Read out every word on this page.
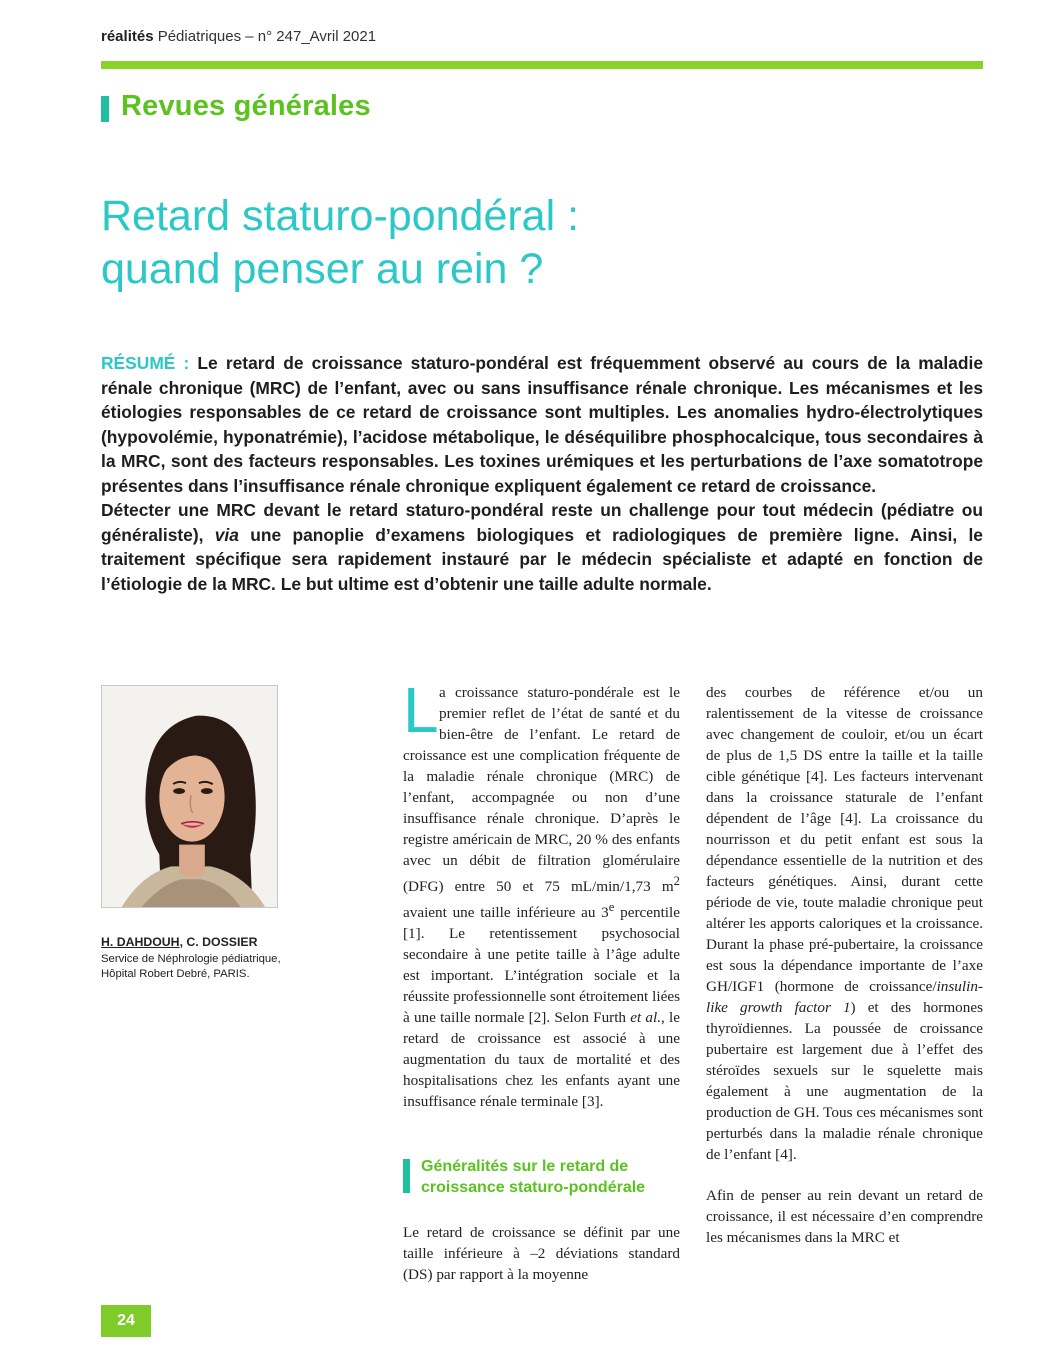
réalités Pédiatriques – n° 247_Avril 2021
Revues générales
Retard staturo-pondéral :
quand penser au rein ?

RÉSUMÉ : Le retard de croissance staturo-pondéral est fréquemment observé au cours de la maladie rénale chronique (MRC) de l’enfant, avec ou sans insuffisance rénale chronique. Les mécanismes et les étiologies responsables de ce retard de croissance sont multiples. Les anomalies hydro-électrolytiques (hypovolémie, hyponatrémie), l’acidose métabolique, le déséquilibre phosphocalcique, tous secondaires à la MRC, sont des facteurs responsables. Les toxines urémiques et les perturbations de l’axe somatotrope présentes dans l’insuffisance rénale chronique expliquent également ce retard de croissance.

Détecter une MRC devant le retard staturo-pondéral reste un challenge pour tout médecin (pédiatre ou généraliste), via une panoplie d’examens biologiques et radiologiques de première ligne. Ainsi, le traitement spécifique sera rapidement instauré par le médecin spécialiste et adapté en fonction de l’étiologie de la MRC. Le but ultime est d’obtenir une taille adulte normale.

H. DAHDOUH, C. DOSSIER
Service de Néphrologie pédiatrique,
Hôpital Robert Debré, PARIS.

La croissance staturo-pondérale est le premier reflet de l’état de santé et du bien-être de l’enfant. Le retard de croissance est une complication fréquente de la maladie rénale chronique (MRC) de l’enfant, accompagnée ou non d’une insuffisance rénale chronique. D’après le registre américain de MRC, 20 % des enfants avec un débit de filtration glomérulaire (DFG) entre 50 et 75 mL/min/1,73 $m^2$ avaient une taille inférieure au 3e percentile [1]. Le retentissement psychosocial secondaire à une petite taille à l’âge adulte est important. L’intégration sociale et la réussite professionnelle sont étroitement liées à une taille normale [2]. Selon Furth et al., le retard de croissance est associé à une augmentation du taux de mortalité et des hospitalisations chez les enfants ayant une insuffisance rénale terminale [3].

Généralités sur le retard de croissance staturo-pondérale

Le retard de croissance se définit par une taille inférieure à –2 déviations standard (DS) par rapport à la moyenne

des courbes de référence et/ou un ralentissement de la vitesse de croissance avec changement de couloir, et/ou un écart de plus de 1,5 DS entre la taille et la taille cible génétique [4]. Les facteurs intervenant dans la croissance staturale de l’enfant dépendent de l’âge [4]. La croissance du nourrisson et du petit enfant est sous la dépendance essentielle de la nutrition et des facteurs génétiques. Ainsi, durant cette période de vie, toute maladie chronique peut altérer les apports caloriques et la croissance. Durant la phase pré-pubertaire, la croissance est sous la dépendance importante de l’axe GH/IGF1 (hormone de croissance/insulin-like growth factor 1) et des hormones thyroïdiennes. La poussée de croissance pubertaire est largement due à l’effet des stéroïdes sexuels sur le squelette mais également à une augmentation de la production de GH. Tous ces mécanismes sont perturbés dans la maladie rénale chronique de l’enfant [4].

Afin de penser au rein devant un retard de croissance, il est nécessaire d’en comprendre les mécanismes dans la MRC et

24
